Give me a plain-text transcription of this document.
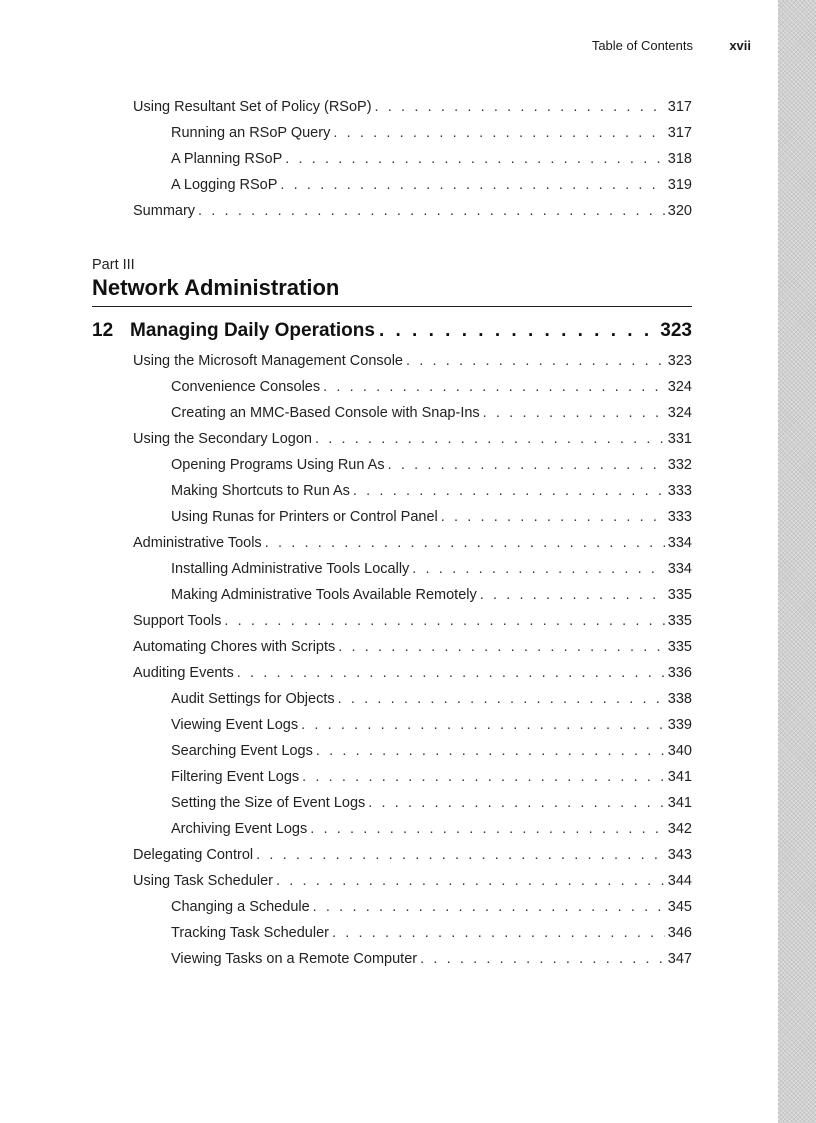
Table of Contents	xvii
Using Resultant Set of Policy (RSoP) . . .	317
Running an RSoP Query . . .	317
A Planning RSoP . . .	318
A Logging RSoP . . .	319
Summary . . .	320
Part III
Network Administration
12 Managing Daily Operations . . .	323
Using the Microsoft Management Console . . .	323
Convenience Consoles . . .	324
Creating an MMC-Based Console with Snap-Ins . . .	324
Using the Secondary Logon . . .	331
Opening Programs Using Run As . . .	332
Making Shortcuts to Run As . . .	333
Using Runas for Printers or Control Panel . . .	333
Administrative Tools . . .	334
Installing Administrative Tools Locally . . .	334
Making Administrative Tools Available Remotely . . .	335
Support Tools . . .	335
Automating Chores with Scripts . . .	335
Auditing Events . . .	336
Audit Settings for Objects . . .	338
Viewing Event Logs . . .	339
Searching Event Logs . . .	340
Filtering Event Logs . . .	341
Setting the Size of Event Logs . . .	341
Archiving Event Logs . . .	342
Delegating Control . . .	343
Using Task Scheduler . . .	344
Changing a Schedule . . .	345
Tracking Task Scheduler . . .	346
Viewing Tasks on a Remote Computer . . .	347
